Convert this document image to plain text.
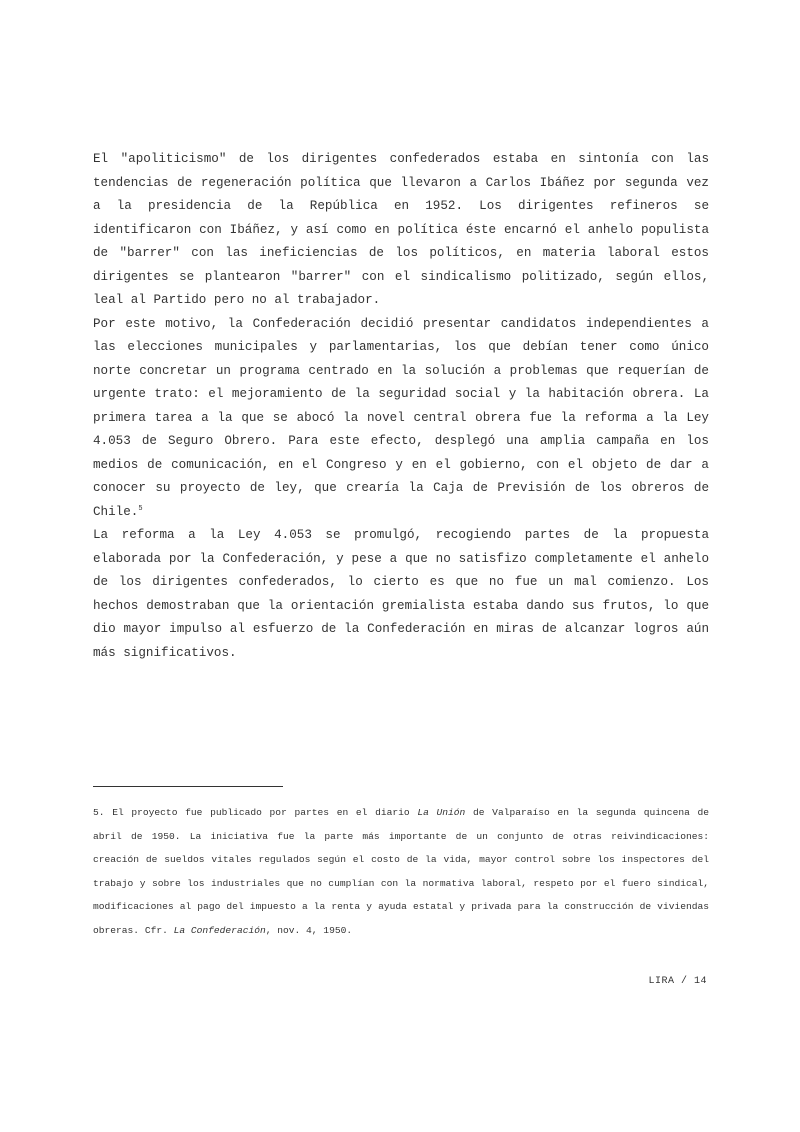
El "apoliticismo" de los dirigentes confederados estaba en sintonía con las tendencias de regeneración política que llevaron a Carlos Ibáñez por segunda vez a la presidencia de la República en 1952. Los dirigentes refineros se identificaron con Ibáñez, y así como en política éste encarnó el anhelo populista de "barrer" con las ineficiencias de los políticos, en materia laboral estos dirigentes se plantearon "barrer" con el sindicalismo politizado, según ellos, leal al Partido pero no al trabajador.

Por este motivo, la Confederación decidió presentar candidatos independientes a las elecciones municipales y parlamentarias, los que debían tener como único norte concretar un programa centrado en la solución a problemas que requerían de urgente trato: el mejoramiento de la seguridad social y la habitación obrera. La primera tarea a la que se abocó la novel central obrera fue la reforma a la Ley 4.053 de Seguro Obrero. Para este efecto, desplegó una amplia campaña en los medios de comunicación, en el Congreso y en el gobierno, con el objeto de dar a conocer su proyecto de ley, que crearía la Caja de Previsión de los obreros de Chile.$^5$

La reforma a la Ley 4.053 se promulgó, recogiendo partes de la propuesta elaborada por la Confederación, y pese a que no satisfizo completamente el anhelo de los dirigentes confederados, lo cierto es que no fue un mal comienzo. Los hechos demostraban que la orientación gremialista estaba dando sus frutos, lo que dio mayor impulso al esfuerzo de la Confederación en miras de alcanzar logros aún más significativos.

5. El proyecto fue publicado por partes en el diario La Unión de Valparaíso en la segunda quincena de abril de 1950. La iniciativa fue la parte más importante de un conjunto de otras reivindicaciones: creación de sueldos vitales regulados según el costo de la vida, mayor control sobre los inspectores del trabajo y sobre los industriales que no cumplían con la normativa laboral, respeto por el fuero sindical, modificaciones al pago del impuesto a la renta y ayuda estatal y privada para la construcción de viviendas obreras. Cfr. La Confederación, nov. 4, 1950.

LIRA / 14
